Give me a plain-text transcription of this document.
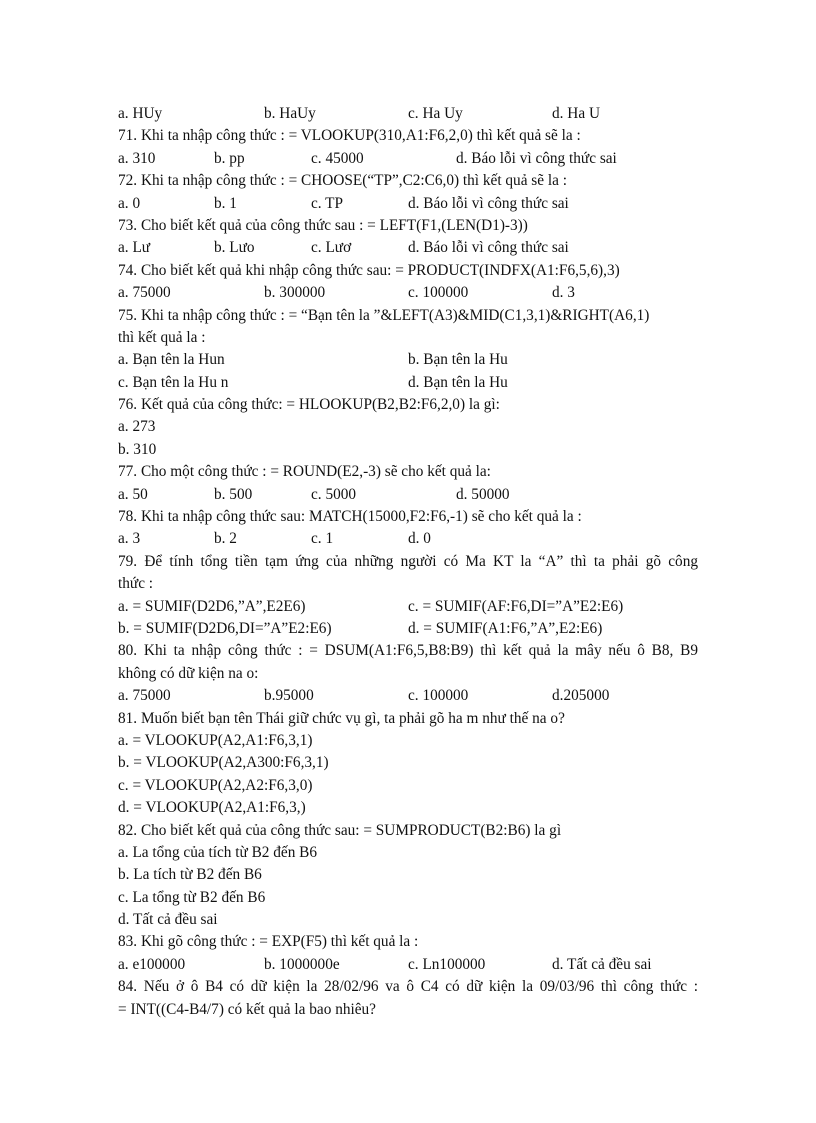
a. HUy	b. HaUy	c. Ha Uy	d. Ha U
71. Khi ta nhập công thức : = VLOOKUP(310,A1:F6,2,0) thì kết quả sẽ la :
a. 310	b. pp	c. 45000	d. Báo lỗi vì công thức sai
72. Khi ta nhập công thức : = CHOOSE(“TP”,C2:C6,0) thì kết quả sẽ la :
a. 0	b. 1	c. TP	d. Báo lỗi vì công thức sai
73. Cho biết kết quả của công thức sau : = LEFT(F1,(LEN(D1)-3))
a. Lư	b. Lưo	c. Lươ	d. Báo lỗi vì công thức sai
74. Cho biết kết quả khi nhập công thức sau: = PRODUCT(INDFX(A1:F6,5,6),3)
a. 75000	b. 300000	c. 100000	d. 3
75. Khi ta nhập công thức : = “Bạn tên la ”&LEFT(A3)&MID(C1,3,1)&RIGHT(A6,1)
thì kết quả la :
a. Bạn tên la Hun	b. Bạn tên la Hu
c. Bạn tên la Hu n	d. Bạn tên la Hu
76. Kết quả của công thức: = HLOOKUP(B2,B2:F6,2,0) la gì:
a. 273
b. 310
77. Cho một công thức : = ROUND(E2,-3) sẽ cho kết quả la:
a. 50	b. 500	c. 5000	d. 50000
78. Khi ta nhập công thức sau: MATCH(15000,F2:F6,-1) sẽ cho kết quả la :
a. 3	b. 2	c. 1	d. 0
79. Để tính tổng tiền tạm ứng của những người có Ma KT la “A” thì ta phải gõ công
thức :
a. = SUMIF(D2D6,”A”,E2E6)	c. = SUMIF(AF:F6,DI=”A”E2:E6)
b. = SUMIF(D2D6,DI=”A”E2:E6)	d. = SUMIF(A1:F6,”A”,E2:E6)
80. Khi ta nhập công thức : = DSUM(A1:F6,5,B8:B9) thì kết quả la mây nếu ô B8, B9
không có dữ kiện na o:
a. 75000	b.95000	c. 100000	d.205000
81. Muốn biết bạn tên Thái giữ chức vụ gì, ta phải gõ ha m như thế na o?
a. = VLOOKUP(A2,A1:F6,3,1)
b. = VLOOKUP(A2,A300:F6,3,1)
c. = VLOOKUP(A2,A2:F6,3,0)
d. = VLOOKUP(A2,A1:F6,3,)
82. Cho biết kết quả của công thức sau: = SUMPRODUCT(B2:B6) la gì
a. La tổng của tích từ B2 đến B6
b. La tích từ B2 đến B6
c. La tổng từ B2 đến B6
d. Tất cả đều sai
83. Khi gõ công thức : = EXP(F5) thì kết quả la :
a. e100000	b. 1000000e	c. Ln100000	d. Tất cả đều sai
84. Nếu ở ô B4 có dữ kiện la 28/02/96 va ô C4 có dữ kiện la 09/03/96 thì công thức :
= INT((C4-B4/7) có kết quả la bao nhiêu?
